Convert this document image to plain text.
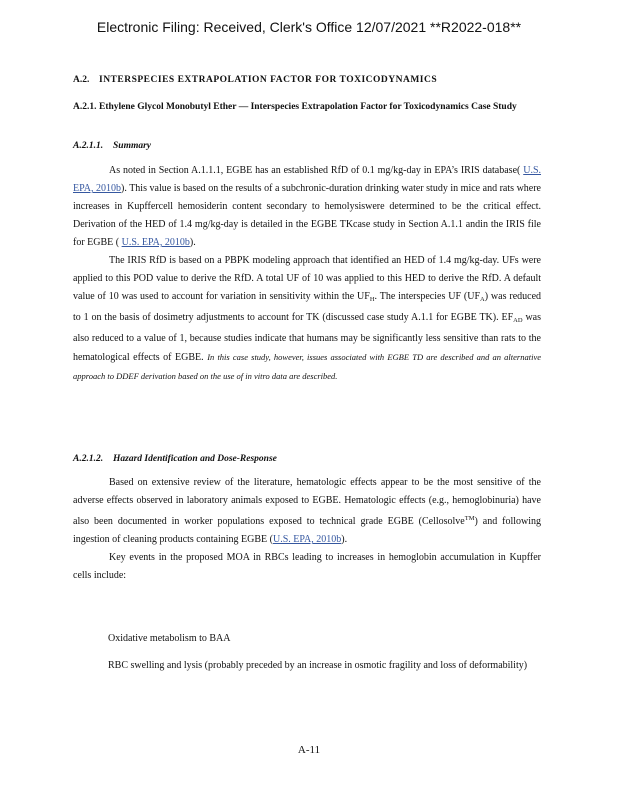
Electronic Filing: Received, Clerk's Office 12/07/2021 **R2022-018**
A.2.	INTERSPECIES EXTRAPOLATION FACTOR FOR TOXICODYNAMICS
A.2.1. Ethylene Glycol Monobutyl Ether — Interspecies Extrapolation Factor for Toxicodynamics Case Study
A.2.1.1.	Summary

As noted in Section A.1.1.1, EGBE has an established RfD of 0.1 mg/kg-day in EPA’s IRIS database( U.S. EPA, 2010b). This value is based on the results of a subchronic-duration drinking water study in mice and rats where increases in Kupffercell hemosiderin content secondary to hemolysiswere determined to be the critical effect. Derivation of the HED of 1.4 mg/kg-day is detailed in the EGBE TKcase study in Section A.1.1 andin the IRIS file for EGBE ( U.S. EPA, 2010b).

The IRIS RfD is based on a PBPK modeling approach that identified an HED of 1.4 mg/kg-day. UFs were applied to this POD value to derive the RfD. A total UF of 10 was applied to this HED to derive the RfD. A default value of 10 was used to account for variation in sensitivity within the $UF_H$. The interspecies UF $(UF_A)$ was reduced to 1 on the basis of dosimetry adjustments to account for TK (discussed case study A.1.1 for EGBE TK). $EF_{AD}$ was also reduced to a value of 1, because studies indicate that humans may be significantly less sensitive than rats to the hematological effects of EGBE. In this case study, however, issues associated with EGBE TD are described and an alternative approach to DDEF derivation based on the use of in vitro data are described.

A.2.1.2.	Hazard Identification and Dose-Response

Based on extensive review of the literature, hematologic effects appear to be the most sensitive of the adverse effects observed in laboratory animals exposed to EGBE. Hematologic effects (e.g., hemoglobinuria) have also been documented in worker populations exposed to technical grade EGBE (Cellosolve™) and following ingestion of cleaning products containing EGBE (U.S. EPA, 2010b).

Key events in the proposed MOA in RBCs leading to increases in hemoglobin accumulation in Kupffer cells include:

Oxidative metabolism to BAA
RBC swelling and lysis (probably preceded by an increase in osmotic fragility and loss of deformability)
A-11
